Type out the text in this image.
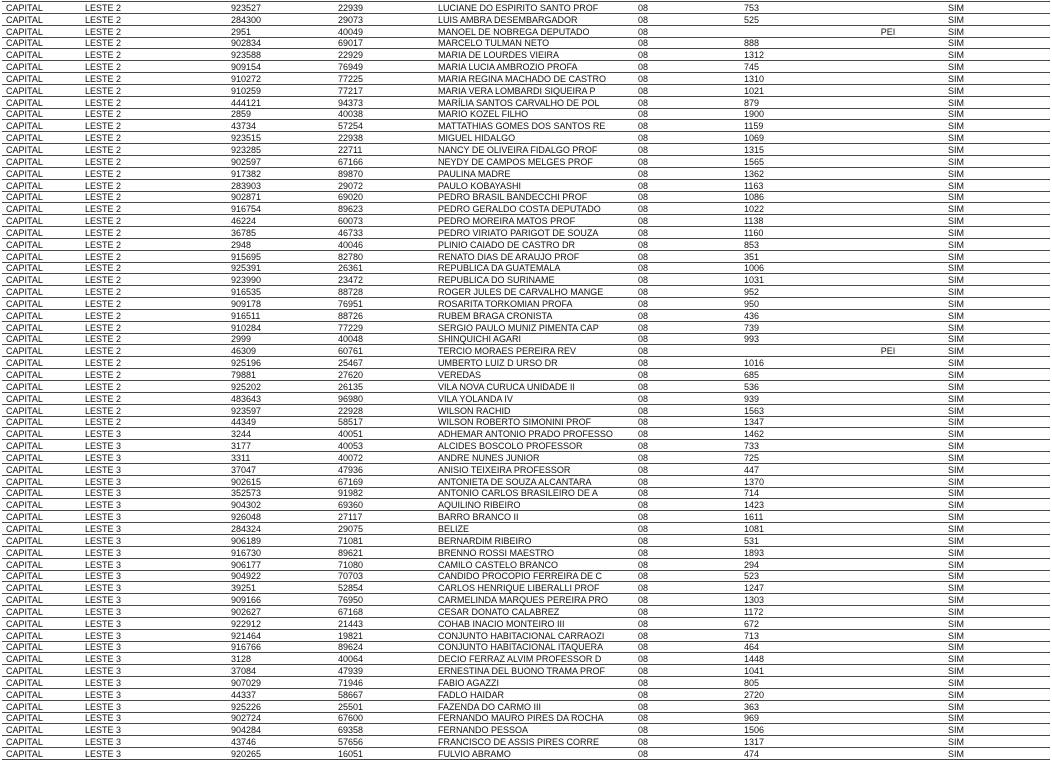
CAPITAL	LESTE 2	923527	22939	LUCIANE DO ESPIRITO SANTO PROF	08	753		SIM
CAPITAL	LESTE 2	284300	29073	LUIS AMBRA DESEMBARGADOR	08	525		SIM
CAPITAL	LESTE 2	2951	40049	MANOEL DE NOBREGA DEPUTADO	08		PEI	SIM
CAPITAL	LESTE 2	902834	69017	MARCELO TULMAN NETO	08	888		SIM
CAPITAL	LESTE 2	923588	22929	MARIA DE LOURDES VIEIRA	08	1312		SIM
CAPITAL	LESTE 2	909154	76949	MARIA LUCIA AMBROZIO PROFA	08	745		SIM
CAPITAL	LESTE 2	910272	77225	MARIA REGINA MACHADO DE CASTRO	08	1310		SIM
CAPITAL	LESTE 2	910259	77217	MARIA VERA LOMBARDI SIQUEIRA P	08	1021		SIM
CAPITAL	LESTE 2	444121	94373	MARÍLIA SANTOS CARVALHO DE POL	08	879		SIM
CAPITAL	LESTE 2	2859	40038	MARIO KOZEL FILHO	08	1900		SIM
CAPITAL	LESTE 2	43734	57254	MATTATHIAS GOMES DOS SANTOS RE	08	1159		SIM
CAPITAL	LESTE 2	923515	22938	MIGUEL HIDALGO	08	1069		SIM
CAPITAL	LESTE 2	923285	22711	NANCY DE OLIVEIRA FIDALGO PROF	08	1315		SIM
CAPITAL	LESTE 2	902597	67166	NEYDY DE CAMPOS MELGES PROF	08	1565		SIM
CAPITAL	LESTE 2	917382	89870	PAULINA MADRE	08	1362		SIM
CAPITAL	LESTE 2	283903	29072	PAULO KOBAYASHI	08	1163		SIM
CAPITAL	LESTE 2	902871	69020	PEDRO BRASIL BANDECCHI PROF	08	1086		SIM
CAPITAL	LESTE 2	916754	89623	PEDRO GERALDO COSTA DEPUTADO	08	1022		SIM
CAPITAL	LESTE 2	46224	60073	PEDRO MOREIRA MATOS PROF	08	1138		SIM
CAPITAL	LESTE 2	36785	46733	PEDRO VIRIATO PARIGOT DE SOUZA	08	1160		SIM
CAPITAL	LESTE 2	2948	40046	PLINIO CAIADO DE CASTRO DR	08	853		SIM
CAPITAL	LESTE 2	915695	82780	RENATO DIAS DE ARAUJO PROF	08	351		SIM
CAPITAL	LESTE 2	925391	26361	REPUBLICA DA GUATEMALA	08	1006		SIM
CAPITAL	LESTE 2	923990	23472	REPUBLICA DO SURINAME	08	1031		SIM
CAPITAL	LESTE 2	916535	88728	ROGER JULES DE CARVALHO MANGE	08	952		SIM
CAPITAL	LESTE 2	909178	76951	ROSARITA TORKOMIAN PROFA	08	950		SIM
CAPITAL	LESTE 2	916511	88726	RUBEM BRAGA CRONISTA	08	436		SIM
CAPITAL	LESTE 2	910284	77229	SERGIO PAULO MUNIZ PIMENTA CAP	08	739		SIM
CAPITAL	LESTE 2	2999	40048	SHINQUICHI AGARI	08	993		SIM
CAPITAL	LESTE 2	46309	60761	TERCIO MORAES PEREIRA REV	08		PEI	SIM
CAPITAL	LESTE 2	925196	25467	UMBERTO LUIZ D URSO DR	08	1016		SIM
CAPITAL	LESTE 2	79881	27620	VEREDAS	08	685		SIM
CAPITAL	LESTE 2	925202	26135	VILA NOVA CURUCA UNIDADE II	08	536		SIM
CAPITAL	LESTE 2	483643	96980	VILA YOLANDA IV	08	939		SIM
CAPITAL	LESTE 2	923597	22928	WILSON RACHID	08	1563		SIM
CAPITAL	LESTE 2	44349	58517	WILSON ROBERTO SIMONINI PROF	08	1347		SIM
CAPITAL	LESTE 3	3244	40051	ADHEMAR ANTONIO PRADO PROFESSO	08	1462		SIM
CAPITAL	LESTE 3	3177	40053	ALCIDES BOSCOLO PROFESSOR	08	733		SIM
CAPITAL	LESTE 3	3311	40072	ANDRE NUNES JUNIOR	08	725		SIM
CAPITAL	LESTE 3	37047	47936	ANISIO TEIXEIRA PROFESSOR	08	447		SIM
CAPITAL	LESTE 3	902615	67169	ANTONIETA DE SOUZA ALCANTARA	08	1370		SIM
CAPITAL	LESTE 3	352573	91982	ANTONIO CARLOS BRASILEIRO DE A	08	714		SIM
CAPITAL	LESTE 3	904302	69360	AQUILINO RIBEIRO	08	1423		SIM
CAPITAL	LESTE 3	926048	27117	BARRO BRANCO II	08	1611		SIM
CAPITAL	LESTE 3	284324	29075	BELIZE	08	1081		SIM
CAPITAL	LESTE 3	906189	71081	BERNARDIM RIBEIRO	08	531		SIM
CAPITAL	LESTE 3	916730	89621	BRENNO ROSSI MAESTRO	08	1893		SIM
CAPITAL	LESTE 3	906177	71080	CAMILO CASTELO BRANCO	08	294		SIM
CAPITAL	LESTE 3	904922	70703	CANDIDO PROCOPIO FERREIRA DE C	08	523		SIM
CAPITAL	LESTE 3	39251	52854	CARLOS HENRIQUE LIBERALLI PROF	08	1247		SIM
CAPITAL	LESTE 3	909166	76950	CARMELINDA MARQUES PEREIRA PRO	08	1303		SIM
CAPITAL	LESTE 3	902627	67168	CESAR DONATO CALABREZ	08	1172		SIM
CAPITAL	LESTE 3	922912	21443	COHAB INACIO MONTEIRO III	08	672		SIM
CAPITAL	LESTE 3	921464	19821	CONJUNTO HABITACIONAL CARRAOZI	08	713		SIM
CAPITAL	LESTE 3	916766	89624	CONJUNTO HABITACIONAL ITAQUERA	08	464		SIM
CAPITAL	LESTE 3	3128	40064	DECIO FERRAZ ALVIM PROFESSOR D	08	1448		SIM
CAPITAL	LESTE 3	37084	47939	ERNESTINA DEL BUONO TRAMA PROF	08	1041		SIM
CAPITAL	LESTE 3	907029	71946	FABIO AGAZZI	08	805		SIM
CAPITAL	LESTE 3	44337	58667	FADLO HAIDAR	08	2720		SIM
CAPITAL	LESTE 3	925226	25501	FAZENDA DO CARMO III	08	363		SIM
CAPITAL	LESTE 3	902724	67600	FERNANDO MAURO PIRES DA ROCHA	08	969		SIM
CAPITAL	LESTE 3	904284	69358	FERNANDO PESSOA	08	1506		SIM
CAPITAL	LESTE 3	43746	57656	FRANCISCO DE ASSIS PIRES CORRE	08	1317		SIM
CAPITAL	LESTE 3	920265	16051	FULVIO ABRAMO	08	474		SIM
